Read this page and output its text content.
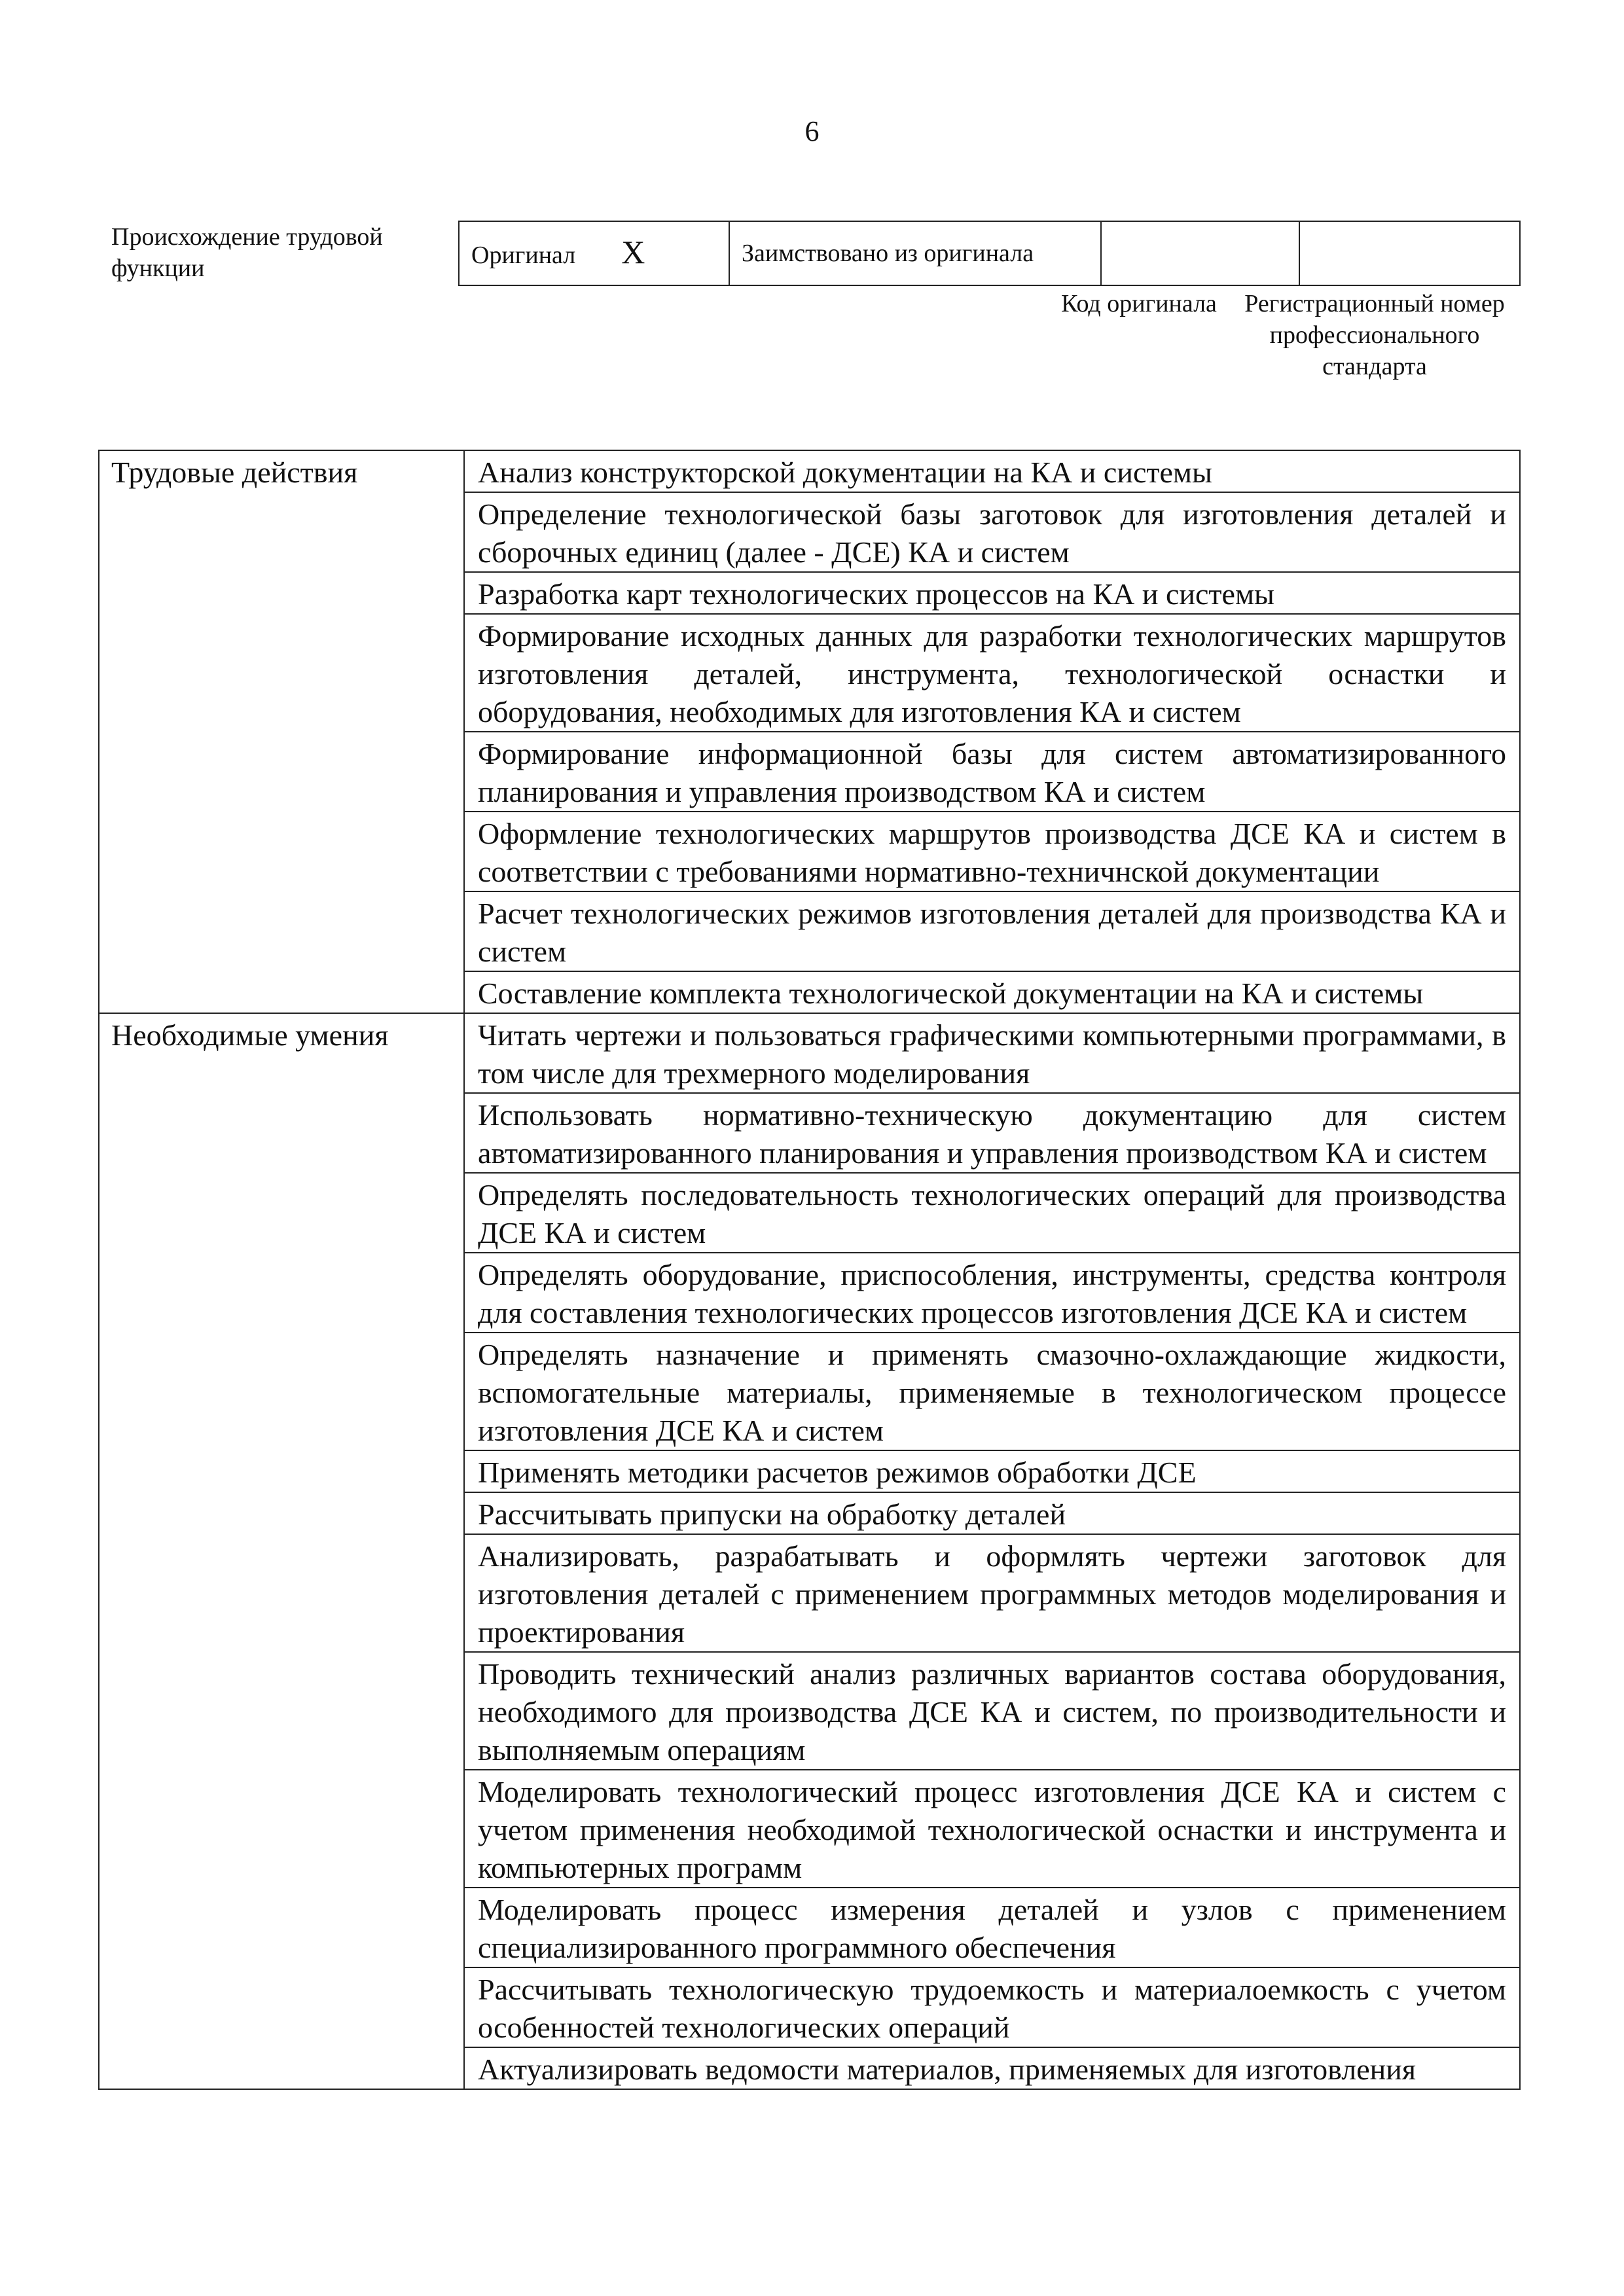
6
Происхождение трудовой функции	Оригинал X	Заимствовано из оригинала		
Код оригинала	Регистрационный номер профессионального стандарта
Трудовые действия	Анализ конструкторской документации на КА и системы
	Определение технологической базы заготовок для изготовления деталей и сборочных единиц (далее - ДСЕ) КА и систем
	Разработка карт технологических процессов на КА и системы
	Формирование исходных данных для разработки технологических маршрутов изготовления деталей, инструмента, технологической оснастки и оборудования, необходимых для изготовления КА и систем
	Формирование информационной базы для систем автоматизированного планирования и управления производством КА и систем
	Оформление технологических маршрутов производства ДСЕ КА и систем в соответствии с требованиями нормативно-техничнской документации
	Расчет технологических режимов изготовления деталей для производства КА и систем
	Составление комплекта технологической документации на КА и системы
Необходимые умения	Читать чертежи и пользоваться графическими компьютерными программами, в том числе для трехмерного моделирования
	Использовать нормативно-техническую документацию для систем автоматизированного планирования и управления производством КА и систем
	Определять последовательность технологических операций для производства ДСЕ КА и систем
	Определять оборудование, приспособления, инструменты, средства контроля для составления технологических процессов изготовления ДСЕ КА и систем
	Определять назначение и применять смазочно-охлаждающие жидкости, вспомогательные материалы, применяемые в технологическом процессе изготовления ДСЕ КА и систем
	Применять методики расчетов режимов обработки ДСЕ
	Рассчитывать припуски на обработку деталей
	Анализировать, разрабатывать и оформлять чертежи заготовок для изготовления деталей с применением программных методов моделирования и проектирования
	Проводить технический анализ различных вариантов состава оборудования, необходимого для производства ДСЕ КА и систем, по производительности и выполняемым операциям
	Моделировать технологический процесс изготовления ДСЕ КА и систем с учетом применения необходимой технологической оснастки и инструмента и компьютерных программ
	Моделировать процесс измерения деталей и узлов с применением специализированного программного обеспечения
	Рассчитывать технологическую трудоемкость и материалоемкость с учетом особенностей технологических операций
	Актуализировать ведомости материалов, применяемых для изготовления
